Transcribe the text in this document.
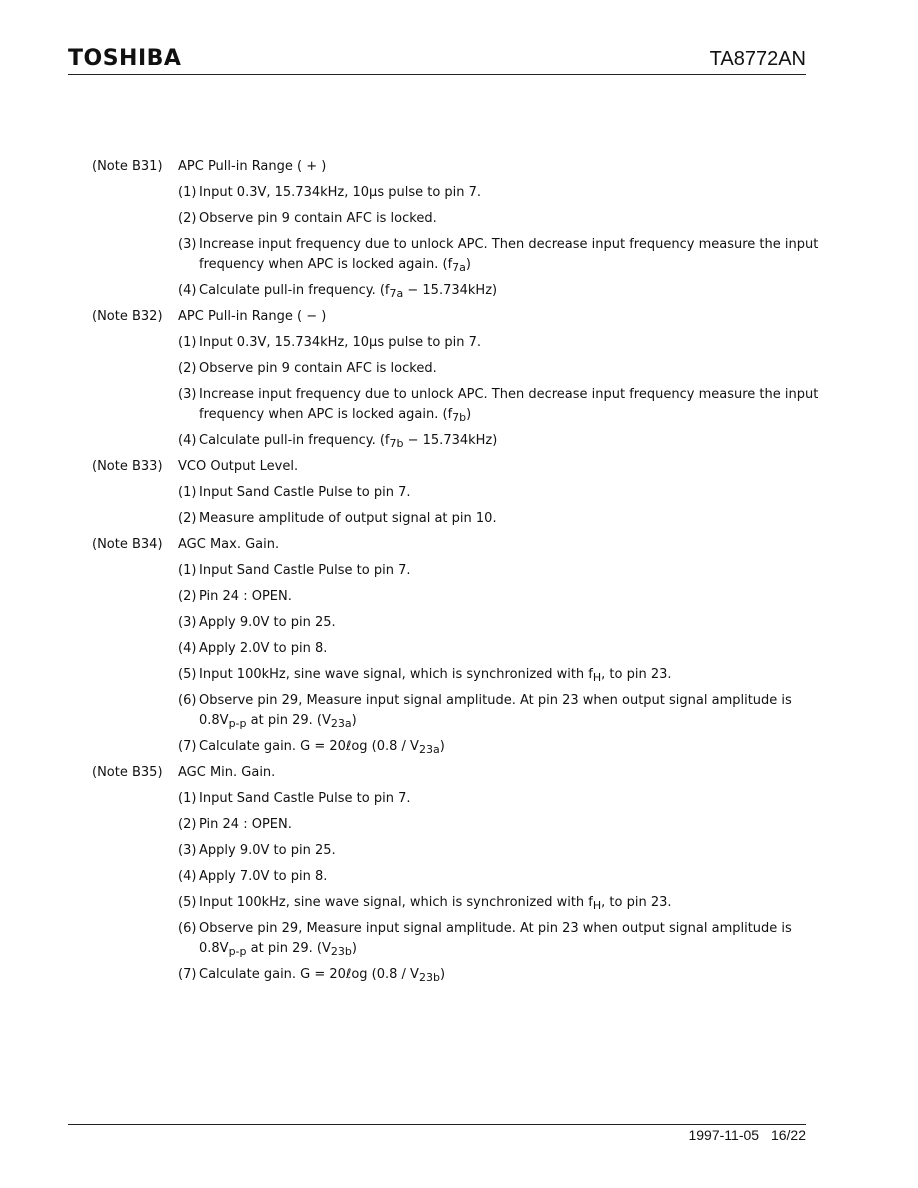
TOSHIBA	TA8772AN
(Note B31) APC Pull-in Range ( + )
(1) Input 0.3V, 15.734kHz, 10μs pulse to pin 7.
(2) Observe pin 9 contain AFC is locked.
(3) Increase input frequency due to unlock APC. Then decrease input frequency measure the input frequency when APC is locked again. $(f_{7a})$
(4) Calculate pull-in frequency. $(f_{7a} - 15.734kHz)$
(Note B32) APC Pull-in Range ( − )
(1) Input 0.3V, 15.734kHz, 10μs pulse to pin 7.
(2) Observe pin 9 contain AFC is locked.
(3) Increase input frequency due to unlock APC. Then decrease input frequency measure the input frequency when APC is locked again. $(f_{7b})$
(4) Calculate pull-in frequency. $(f_{7b} - 15.734kHz)$
(Note B33) VCO Output Level.
(1) Input Sand Castle Pulse to pin 7.
(2) Measure amplitude of output signal at pin 10.
(Note B34) AGC Max. Gain.
(1) Input Sand Castle Pulse to pin 7.
(2) Pin 24 : OPEN.
(3) Apply 9.0V to pin 25.
(4) Apply 2.0V to pin 8.
(5) Input 100kHz, sine wave signal, which is synchronized with $f_H$, to pin 23.
(6) Observe pin 29, Measure input signal amplitude. At pin 23 when output signal amplitude is $0.8V_{p-p}$ at pin 29. $(V_{23a})$
(7) Calculate gain. G = 20ℓog $(0.8 / V_{23a})$
(Note B35) AGC Min. Gain.
(1) Input Sand Castle Pulse to pin 7.
(2) Pin 24 : OPEN.
(3) Apply 9.0V to pin 25.
(4) Apply 7.0V to pin 8.
(5) Input 100kHz, sine wave signal, which is synchronized with $f_H$, to pin 23.
(6) Observe pin 29, Measure input signal amplitude. At pin 23 when output signal amplitude is $0.8V_{p-p}$ at pin 29. $(V_{23b})$
(7) Calculate gain. G = 20ℓog $(0.8 / V_{23b})$
1997-11-05 16/22
